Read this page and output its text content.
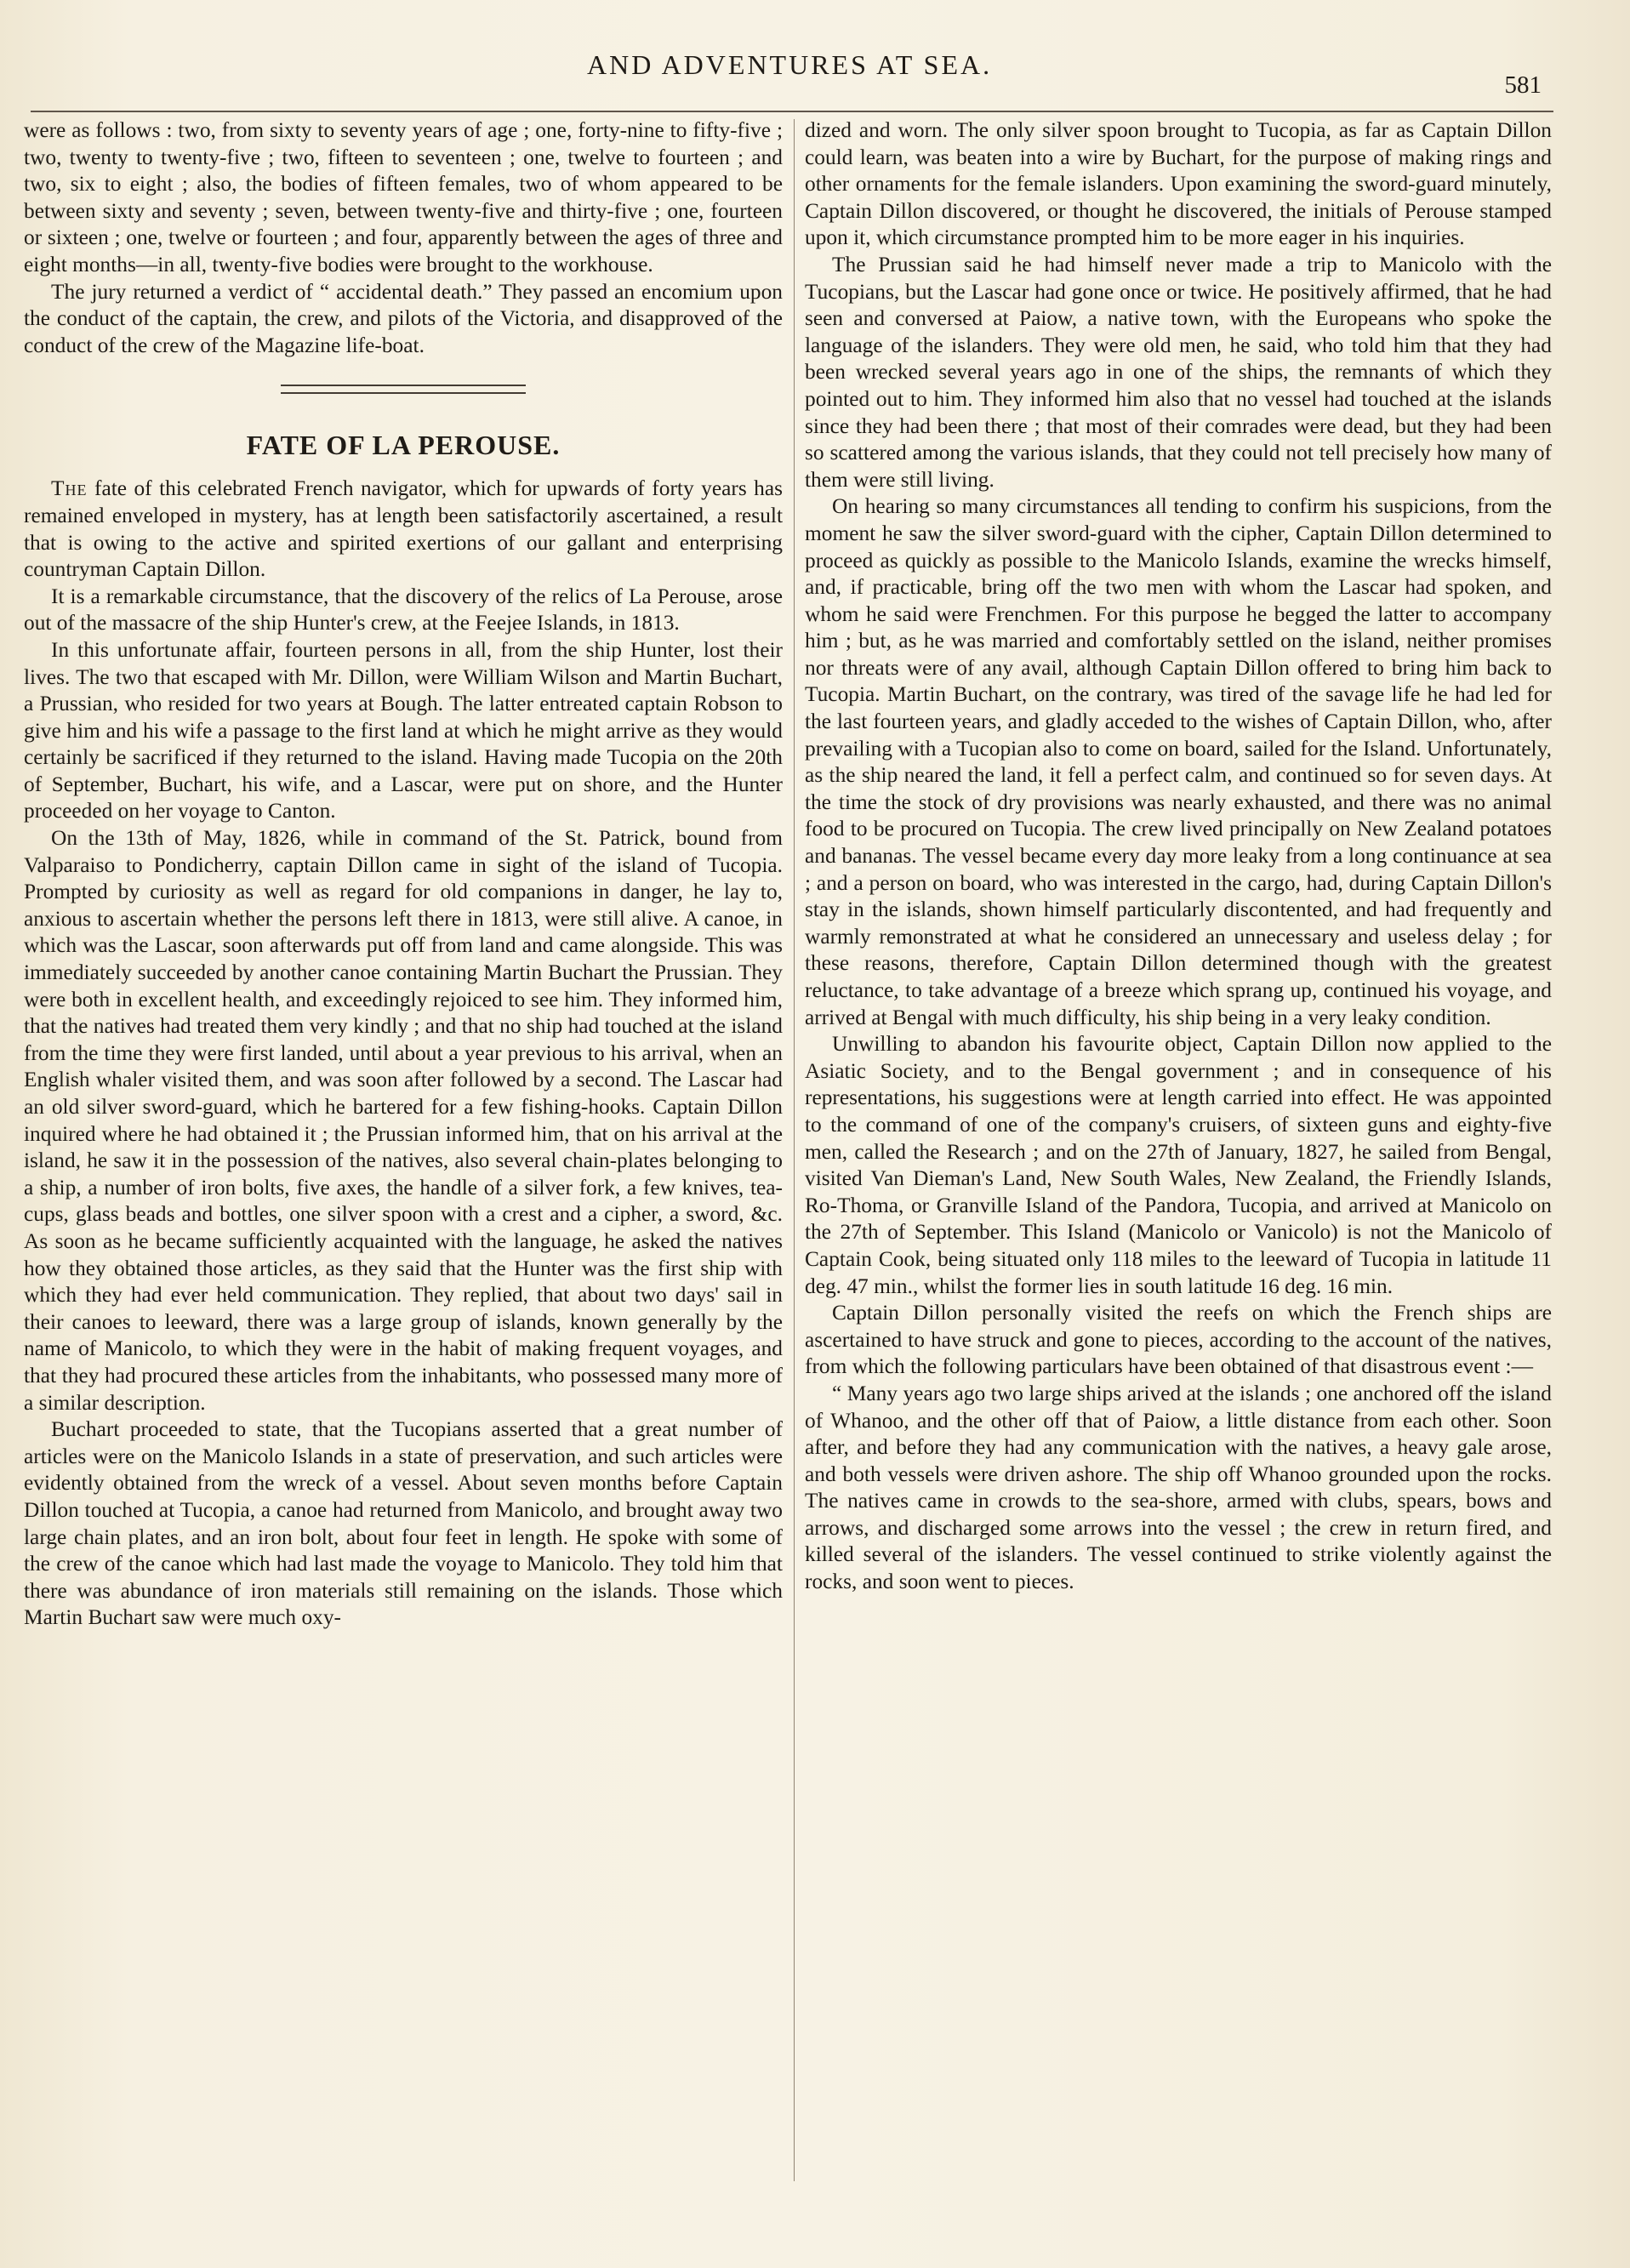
AND ADVENTURES AT SEA.
581

were as follows : two, from sixty to seventy years of age ; one, forty-nine to fifty-five ; two, twenty to twenty-five ; two, fifteen to seventeen ; one, twelve to fourteen ; and two, six to eight ; also, the bodies of fifteen females, two of whom appeared to be between sixty and seventy ; seven, between twenty-five and thirty-five ; one, fourteen or sixteen ; one, twelve or fourteen ; and four, apparently between the ages of three and eight months—in all, twenty-five bodies were brought to the workhouse.

The jury returned a verdict of “ accidental death.” They passed an encomium upon the conduct of the captain, the crew, and pilots of the Victoria, and disapproved of the conduct of the crew of the Magazine life-boat.

FATE OF LA PEROUSE.

The fate of this celebrated French navigator, which for upwards of forty years has remained enveloped in mystery, has at length been satisfactorily ascertained, a result that is owing to the active and spirited exertions of our gallant and enterprising countryman Captain Dillon.

It is a remarkable circumstance, that the discovery of the relics of La Perouse, arose out of the massacre of the ship Hunter's crew, at the Feejee Islands, in 1813.

In this unfortunate affair, fourteen persons in all, from the ship Hunter, lost their lives. The two that escaped with Mr. Dillon, were William Wilson and Martin Buchart, a Prussian, who resided for two years at Bough. The latter entreated captain Robson to give him and his wife a passage to the first land at which he might arrive as they would certainly be sacrificed if they returned to the island. Having made Tucopia on the 20th of September, Buchart, his wife, and a Lascar, were put on shore, and the Hunter proceeded on her voyage to Canton.

On the 13th of May, 1826, while in command of the St. Patrick, bound from Valparaiso to Pondicherry, captain Dillon came in sight of the island of Tucopia. Prompted by curiosity as well as regard for old companions in danger, he lay to, anxious to ascertain whether the persons left there in 1813, were still alive. A canoe, in which was the Lascar, soon afterwards put off from land and came alongside. This was immediately succeeded by another canoe containing Martin Buchart the Prussian. They were both in excellent health, and exceedingly rejoiced to see him. They informed him, that the natives had treated them very kindly ; and that no ship had touched at the island from the time they were first landed, until about a year previous to his arrival, when an English whaler visited them, and was soon after followed by a second. The Lascar had an old silver sword-guard, which he bartered for a few fishing-hooks. Captain Dillon inquired where he had obtained it ; the Prussian informed him, that on his arrival at the island, he saw it in the possession of the natives, also several chain-plates belonging to a ship, a number of iron bolts, five axes, the handle of a silver fork, a few knives, tea-cups, glass beads and bottles, one silver spoon with a crest and a cipher, a sword, &c. As soon as he became sufficiently acquainted with the language, he asked the natives how they obtained those articles, as they said that the Hunter was the first ship with which they had ever held communication. They replied, that about two days' sail in their canoes to leeward, there was a large group of islands, known generally by the name of Manicolo, to which they were in the habit of making frequent voyages, and that they had procured these articles from the inhabitants, who possessed many more of a similar description.

Buchart proceeded to state, that the Tucopians asserted that a great number of articles were on the Manicolo Islands in a state of preservation, and such articles were evidently obtained from the wreck of a vessel. About seven months before Captain Dillon touched at Tucopia, a canoe had returned from Manicolo, and brought away two large chain plates, and an iron bolt, about four feet in length. He spoke with some of the crew of the canoe which had last made the voyage to Manicolo. They told him that there was abundance of iron materials still remaining on the islands. Those which Martin Buchart saw were much oxy-

dized and worn. The only silver spoon brought to Tucopia, as far as Captain Dillon could learn, was beaten into a wire by Buchart, for the purpose of making rings and other ornaments for the female islanders. Upon examining the sword-guard minutely, Captain Dillon discovered, or thought he discovered, the initials of Perouse stamped upon it, which circumstance prompted him to be more eager in his inquiries.

The Prussian said he had himself never made a trip to Manicolo with the Tucopians, but the Lascar had gone once or twice. He positively affirmed, that he had seen and conversed at Paiow, a native town, with the Europeans who spoke the language of the islanders. They were old men, he said, who told him that they had been wrecked several years ago in one of the ships, the remnants of which they pointed out to him. They informed him also that no vessel had touched at the islands since they had been there ; that most of their comrades were dead, but they had been so scattered among the various islands, that they could not tell precisely how many of them were still living.

On hearing so many circumstances all tending to confirm his suspicions, from the moment he saw the silver sword-guard with the cipher, Captain Dillon determined to proceed as quickly as possible to the Manicolo Islands, examine the wrecks himself, and, if practicable, bring off the two men with whom the Lascar had spoken, and whom he said were Frenchmen. For this purpose he begged the latter to accompany him ; but, as he was married and comfortably settled on the island, neither promises nor threats were of any avail, although Captain Dillon offered to bring him back to Tucopia. Martin Buchart, on the contrary, was tired of the savage life he had led for the last fourteen years, and gladly acceded to the wishes of Captain Dillon, who, after prevailing with a Tucopian also to come on board, sailed for the Island. Unfortunately, as the ship neared the land, it fell a perfect calm, and continued so for seven days. At the time the stock of dry provisions was nearly exhausted, and there was no animal food to be procured on Tucopia. The crew lived principally on New Zealand potatoes and bananas. The vessel became every day more leaky from a long continuance at sea ; and a person on board, who was interested in the cargo, had, during Captain Dillon's stay in the islands, shown himself particularly discontented, and had frequently and warmly remonstrated at what he considered an unnecessary and useless delay ; for these reasons, therefore, Captain Dillon determined though with the greatest reluctance, to take advantage of a breeze which sprang up, continued his voyage, and arrived at Bengal with much difficulty, his ship being in a very leaky condition.

Unwilling to abandon his favourite object, Captain Dillon now applied to the Asiatic Society, and to the Bengal government ; and in consequence of his representations, his suggestions were at length carried into effect. He was appointed to the command of one of the company's cruisers, of sixteen guns and eighty-five men, called the Research ; and on the 27th of January, 1827, he sailed from Bengal, visited Van Dieman's Land, New South Wales, New Zealand, the Friendly Islands, Ro-Thoma, or Granville Island of the Pandora, Tucopia, and arrived at Manicolo on the 27th of September. This Island (Manicolo or Vanicolo) is not the Manicolo of Captain Cook, being situated only 118 miles to the leeward of Tucopia in latitude 11 deg. 47 min., whilst the former lies in south latitude 16 deg. 16 min.

Captain Dillon personally visited the reefs on which the French ships are ascertained to have struck and gone to pieces, according to the account of the natives, from which the following particulars have been obtained of that disastrous event :—

“ Many years ago two large ships arived at the islands ; one anchored off the island of Whanoo, and the other off that of Paiow, a little distance from each other. Soon after, and before they had any communication with the natives, a heavy gale arose, and both vessels were driven ashore. The ship off Whanoo grounded upon the rocks. The natives came in crowds to the sea-shore, armed with clubs, spears, bows and arrows, and discharged some arrows into the vessel ; the crew in return fired, and killed several of the islanders. The vessel continued to strike violently against the rocks, and soon went to pieces.
